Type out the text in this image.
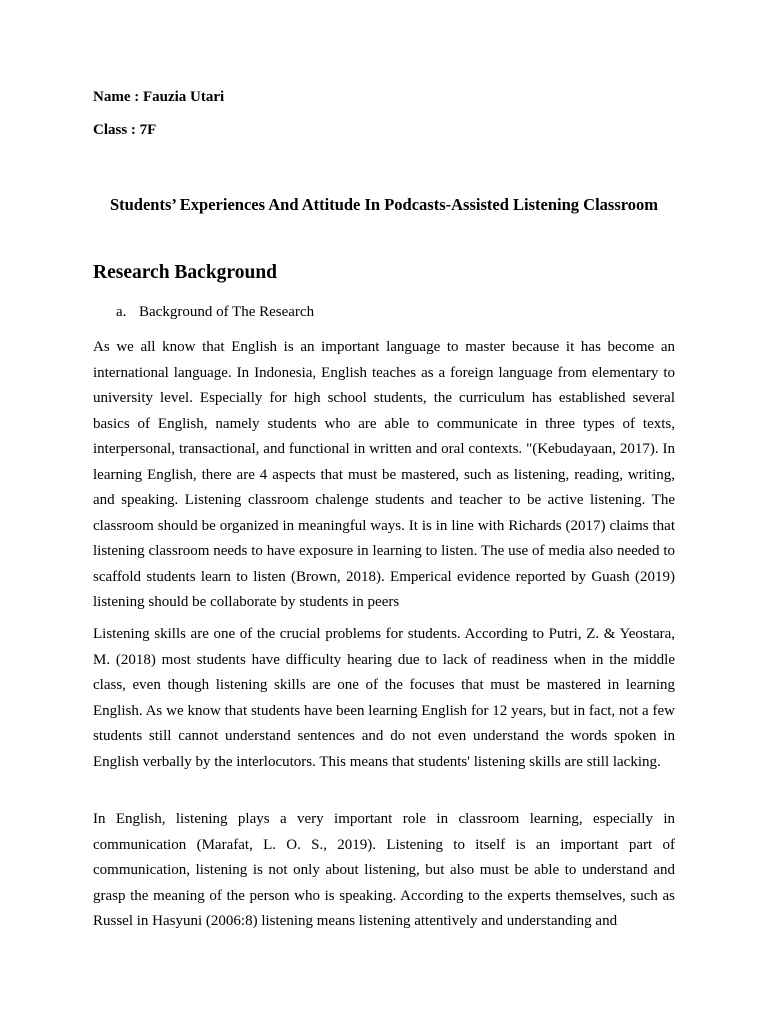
Name : Fauzia Utari

Class : 7F

Students’ Experiences And Attitude In Podcasts-Assisted Listening Classroom
Research Background

a. Background of The Research

As we all know that English is an important language to master because it has become an international language. In Indonesia, English teaches as a foreign language from elementary to university level. Especially for high school students, the curriculum has established several basics of English, namely students who are able to communicate in three types of texts, interpersonal, transactional, and functional in written and oral contexts. "(Kebudayaan, 2017). In learning English, there are 4 aspects that must be mastered, such as listening, reading, writing, and speaking. Listening classroom chalenge students and teacher to be active listening. The classroom should be organized in meaningful ways. It is in line with Richards (2017) claims that listening classroom needs to have exposure in learning to listen. The use of media also needed to scaffold students learn to listen (Brown, 2018). Emperical evidence reported by Guash (2019) listening should be collaborate by students in peers

Listening skills are one of the crucial problems for students. According to Putri, Z. & Yeostara, M. (2018) most students have difficulty hearing due to lack of readiness when in the middle class, even though listening skills are one of the focuses that must be mastered in learning English. As we know that students have been learning English for 12 years, but in fact, not a few students still cannot understand sentences and do not even understand the words spoken in English verbally by the interlocutors. This means that students' listening skills are still lacking.

In English, listening plays a very important role in classroom learning, especially in communication (Marafat, L. O. S., 2019). Listening to itself is an important part of communication, listening is not only about listening, but also must be able to understand and grasp the meaning of the person who is speaking. According to the experts themselves, such as Russel in Hasyuni (2006:8) listening means listening attentively and understanding and
